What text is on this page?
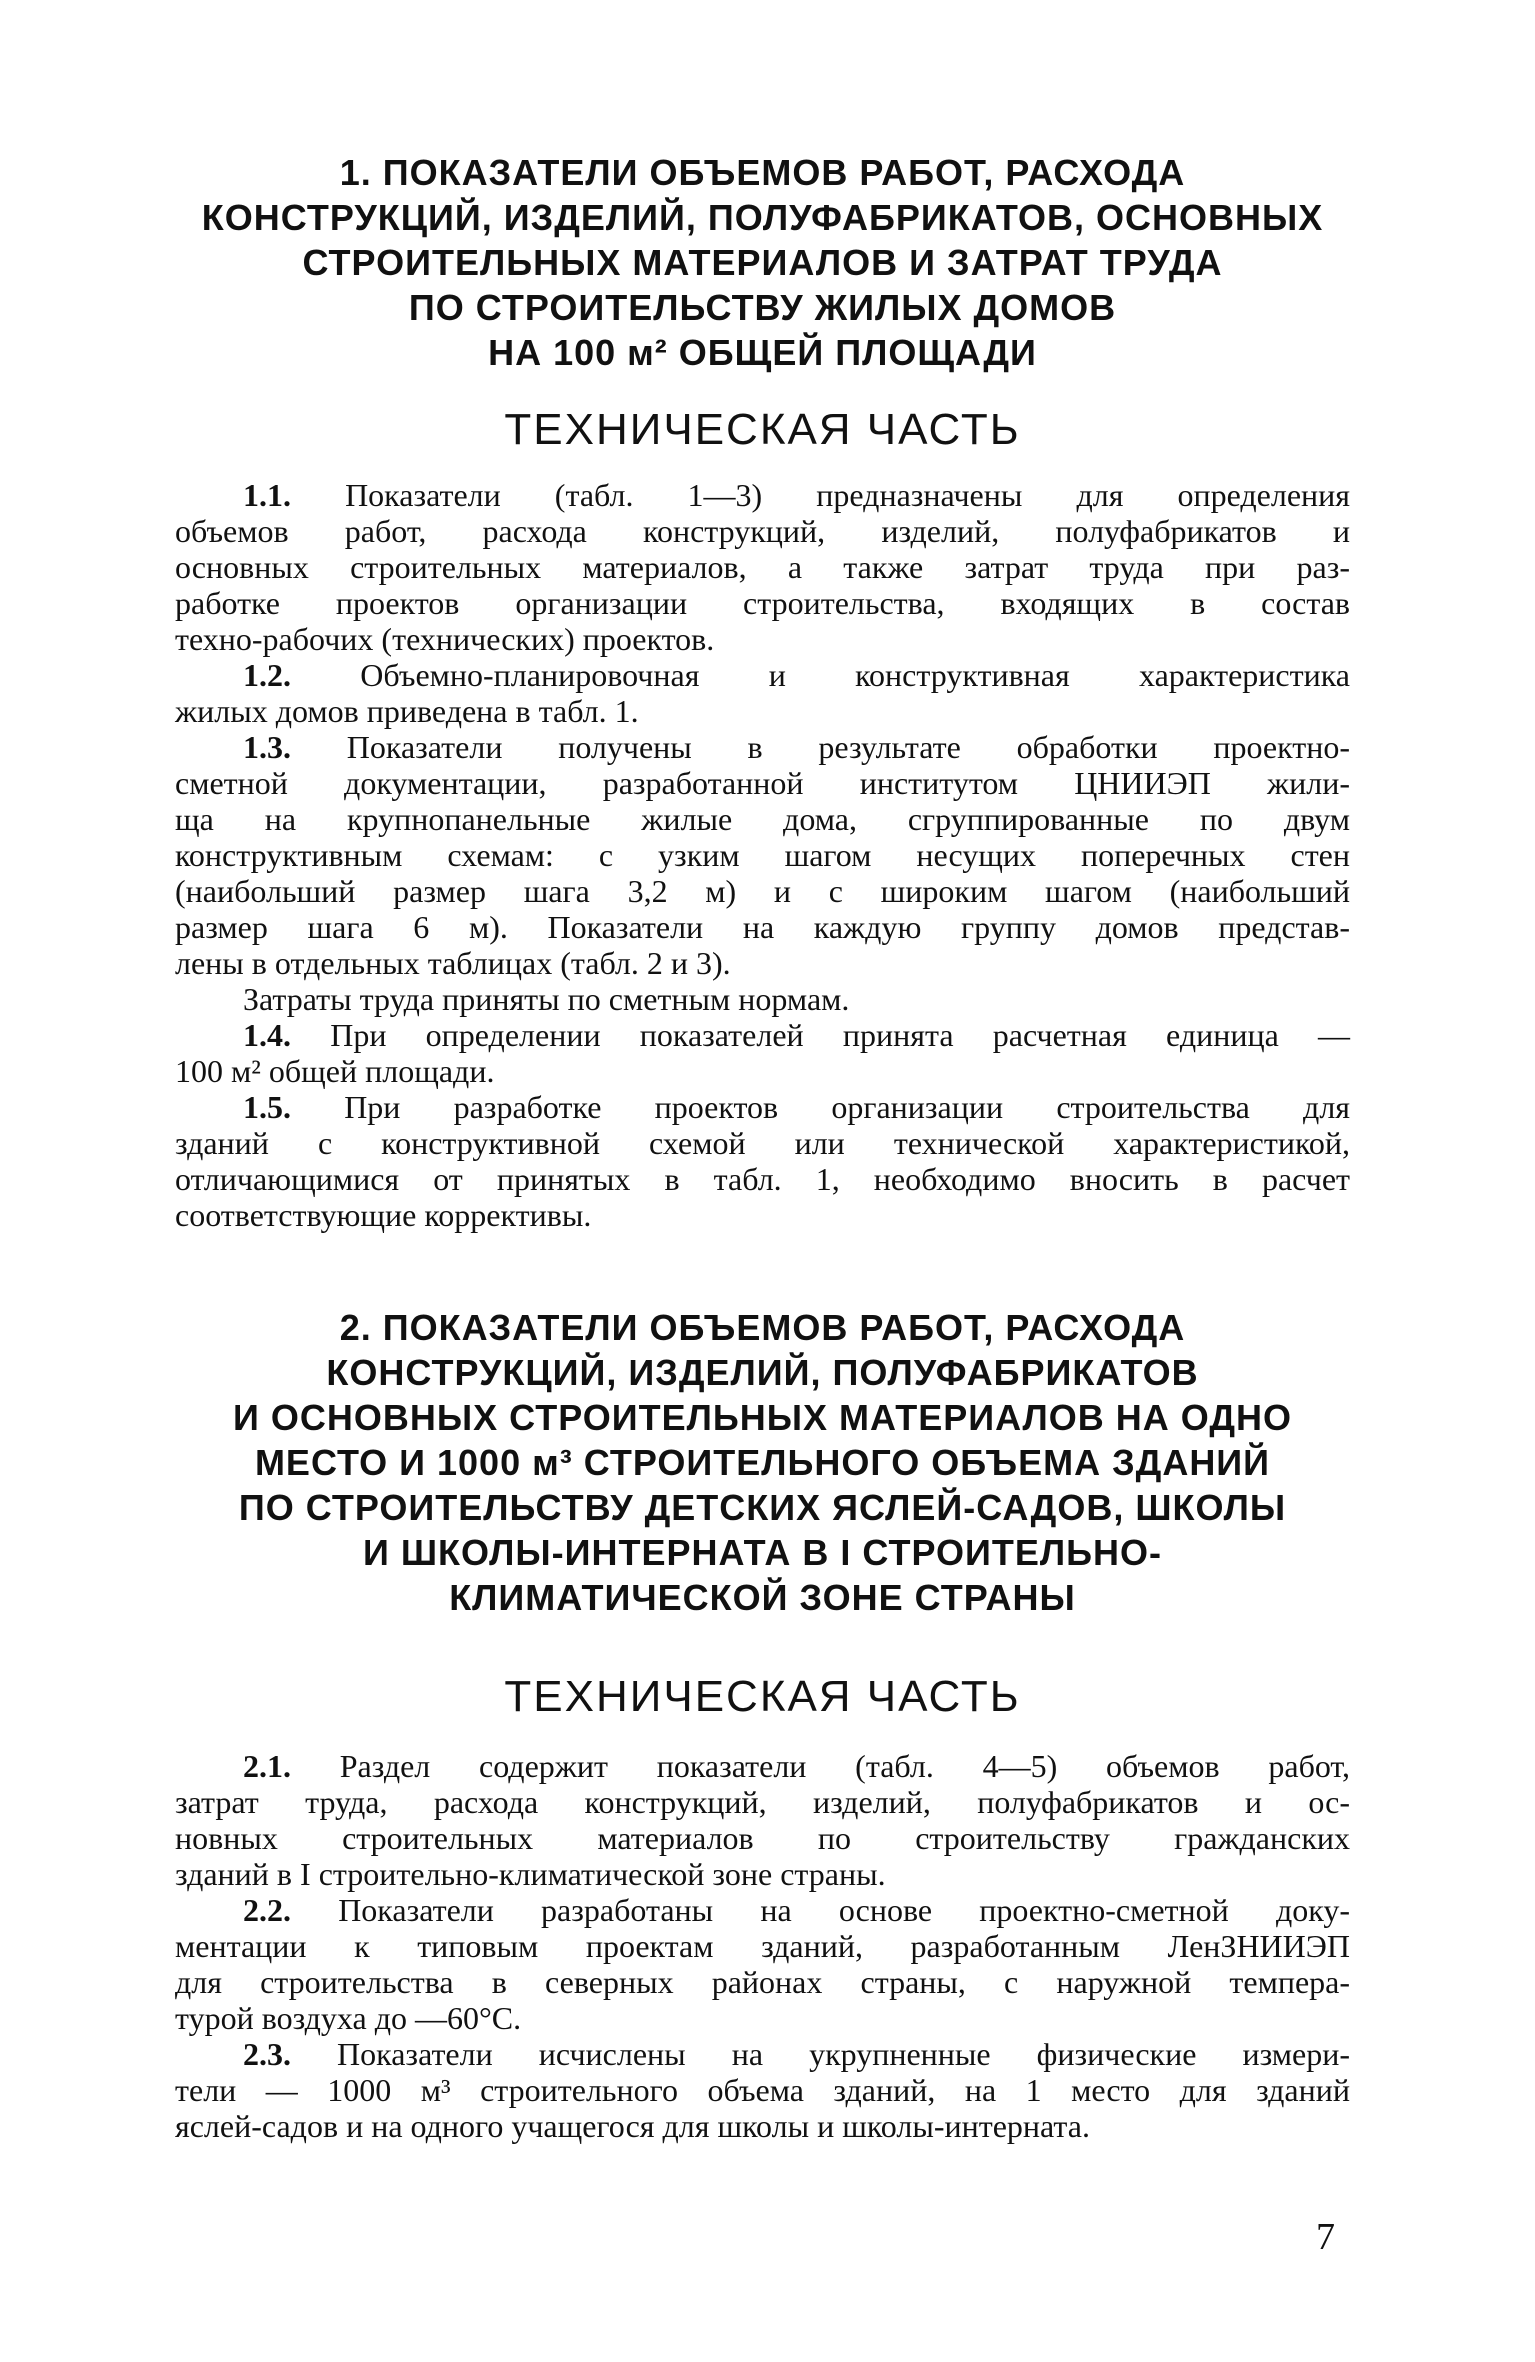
1. ПОКАЗАТЕЛИ ОБЪЕМОВ РАБОТ, РАСХОДА
КОНСТРУКЦИЙ, ИЗДЕЛИЙ, ПОЛУФАБРИКАТОВ, ОСНОВНЫХ
СТРОИТЕЛЬНЫХ МАТЕРИАЛОВ И ЗАТРАТ ТРУДА
ПО СТРОИТЕЛЬСТВУ ЖИЛЫХ ДОМОВ
НА 100 м² ОБЩЕЙ ПЛОЩАДИ
ТЕХНИЧЕСКАЯ ЧАСТЬ
1.1. Показатели (табл. 1—3) предназначены для определения
объемов работ, расхода конструкций, изделий, полуфабрикатов и
основных строительных материалов, а также затрат труда при раз-
работке проектов организации строительства, входящих в состав
техно-рабочих (технических) проектов.
1.2. Объемно-планировочная и конструктивная характеристика
жилых домов приведена в табл. 1.
1.3. Показатели получены в результате обработки проектно-
сметной документации, разработанной институтом ЦНИИЭП жили-
ща на крупнопанельные жилые дома, сгруппированные по двум
конструктивным схемам: с узким шагом несущих поперечных стен
(наибольший размер шага 3,2 м) и с широким шагом (наибольший
размер шага 6 м). Показатели на каждую группу домов представ-
лены в отдельных таблицах (табл. 2 и 3).
Затраты труда приняты по сметным нормам.
1.4. При определении показателей принята расчетная единица —
100 м² общей площади.
1.5. При разработке проектов организации строительства для
зданий с конструктивной схемой или технической характеристикой,
отличающимися от принятых в табл. 1, необходимо вносить в расчет
соответствующие коррективы.
2. ПОКАЗАТЕЛИ ОБЪЕМОВ РАБОТ, РАСХОДА
КОНСТРУКЦИЙ, ИЗДЕЛИЙ, ПОЛУФАБРИКАТОВ
И ОСНОВНЫХ СТРОИТЕЛЬНЫХ МАТЕРИАЛОВ НА ОДНО
МЕСТО И 1000 м³ СТРОИТЕЛЬНОГО ОБЪЕМА ЗДАНИЙ
ПО СТРОИТЕЛЬСТВУ ДЕТСКИХ ЯСЛЕЙ-САДОВ, ШКОЛЫ
И ШКОЛЫ-ИНТЕРНАТА В I СТРОИТЕЛЬНО-
КЛИМАТИЧЕСКОЙ ЗОНЕ СТРАНЫ
ТЕХНИЧЕСКАЯ ЧАСТЬ
2.1. Раздел содержит показатели (табл. 4—5) объемов работ,
затрат труда, расхода конструкций, изделий, полуфабрикатов и ос-
новных строительных материалов по строительству гражданских
зданий в I строительно-климатической зоне страны.
2.2. Показатели разработаны на основе проектно-сметной доку-
ментации к типовым проектам зданий, разработанным ЛенЗНИИЭП
для строительства в северных районах страны, с наружной темпера-
турой воздуха до —60°С.
2.3. Показатели исчислены на укрупненные физические измери-
тели — 1000 м³ строительного объема зданий, на 1 место для зданий
яслей-садов и на одного учащегося для школы и школы-интерната.
7
